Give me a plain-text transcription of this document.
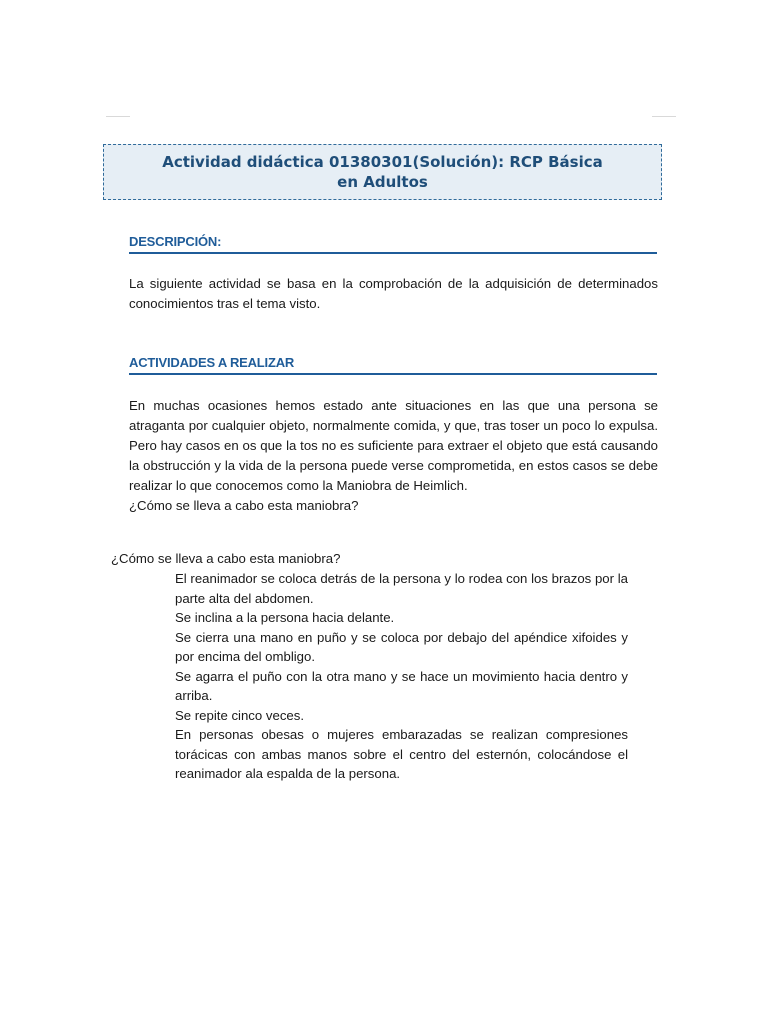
Actividad didáctica 01380301(Solución): RCP Básica en Adultos
DESCRIPCIÓN:
La siguiente actividad se basa en la comprobación de la adquisición de determinados conocimientos tras el tema visto.
ACTIVIDADES A REALIZAR
En muchas ocasiones hemos estado ante situaciones en las que una persona se atraganta por cualquier objeto, normalmente comida, y que, tras toser un poco lo expulsa. Pero hay casos en os que la tos no es suficiente para extraer el objeto que está causando la obstrucción y la vida de la persona puede verse comprometida, en estos casos se debe realizar lo que conocemos como la Maniobra de Heimlich.
¿Cómo se lleva a cabo esta maniobra?
¿Cómo se lleva a cabo esta maniobra?
El reanimador se coloca detrás de la persona y lo rodea con los brazos por la parte alta del abdomen.
Se inclina a la persona hacia delante.
Se cierra una mano en puño y se coloca por debajo del apéndice xifoides y por encima del ombligo.
Se agarra el puño con la otra mano y se hace un movimiento hacia dentro y arriba.
Se repite cinco veces.
En personas obesas o mujeres embarazadas se realizan compresiones torácicas con ambas manos sobre el centro del esternón, colocándose el reanimador ala espalda de la persona.
